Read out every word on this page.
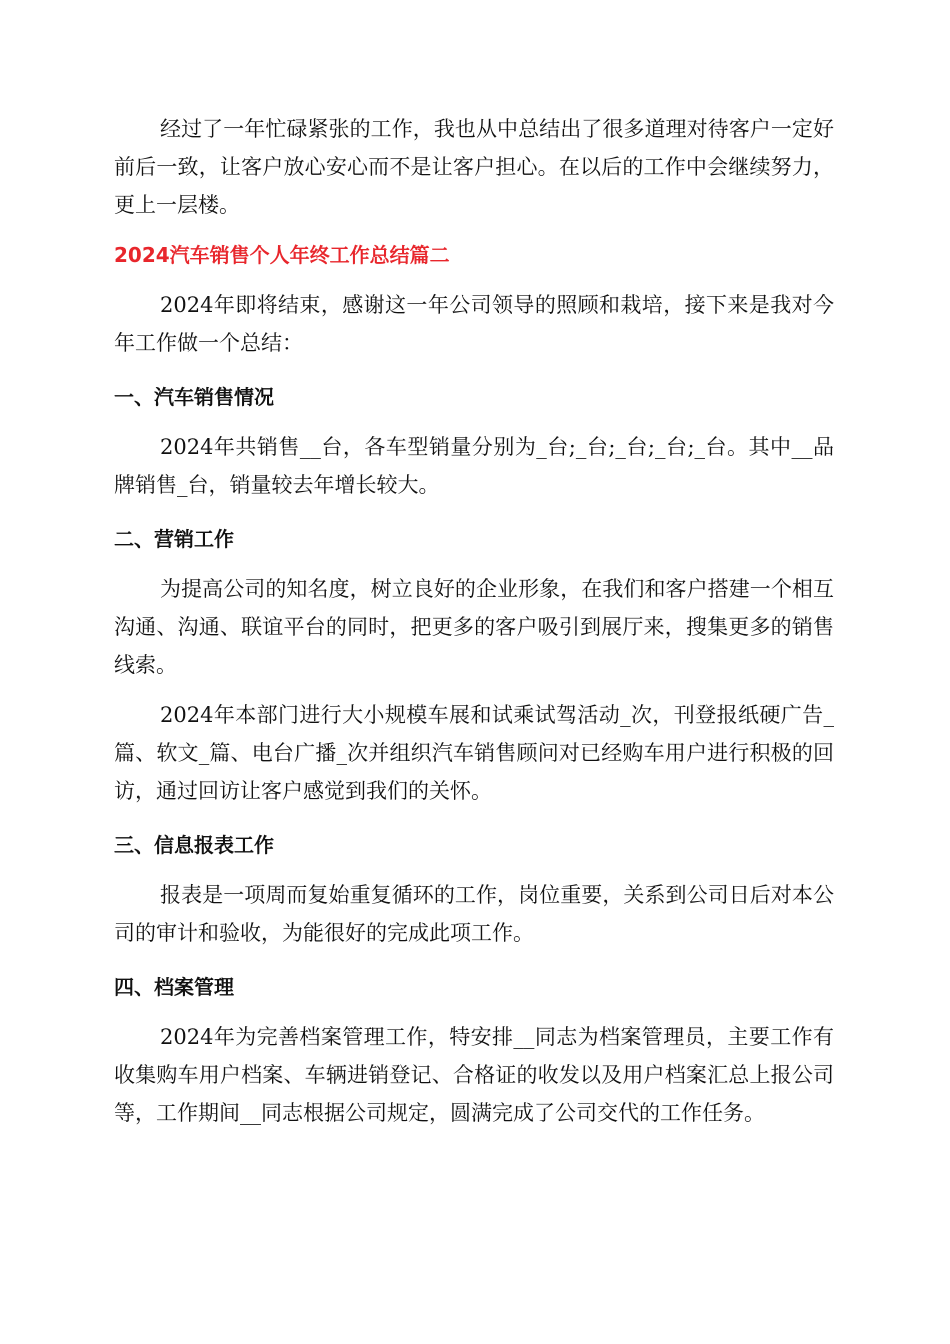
经过了一年忙碌紧张的工作，我也从中总结出了很多道理对待客户一定好前后一致，让客户放心安心而不是让客户担心。在以后的工作中会继续努力，更上一层楼。

2024汽车销售个人年终工作总结篇二

2024年即将结束，感谢这一年公司领导的照顾和栽培，接下来是我对今年工作做一个总结：

一、汽车销售情况

2024年共销售__台，各车型销量分别为_台;_台;_台;_台;_台。其中__品牌销售_台，销量较去年增长较大。

二、营销工作

为提高公司的知名度，树立良好的企业形象，在我们和客户搭建一个相互沟通、沟通、联谊平台的同时，把更多的客户吸引到展厅来，搜集更多的销售线索。

2024年本部门进行大小规模车展和试乘试驾活动_次，刊登报纸硬广告_篇、软文_篇、电台广播_次并组织汽车销售顾问对已经购车用户进行积极的回访，通过回访让客户感觉到我们的关怀。

三、信息报表工作

报表是一项周而复始重复循环的工作，岗位重要，关系到公司日后对本公司的审计和验收，为能很好的完成此项工作。

四、档案管理

2024年为完善档案管理工作，特安排__同志为档案管理员，主要工作有收集购车用户档案、车辆进销登记、合格证的收发以及用户档案汇总上报公司等，工作期间__同志根据公司规定，圆满完成了公司交代的工作任务。
